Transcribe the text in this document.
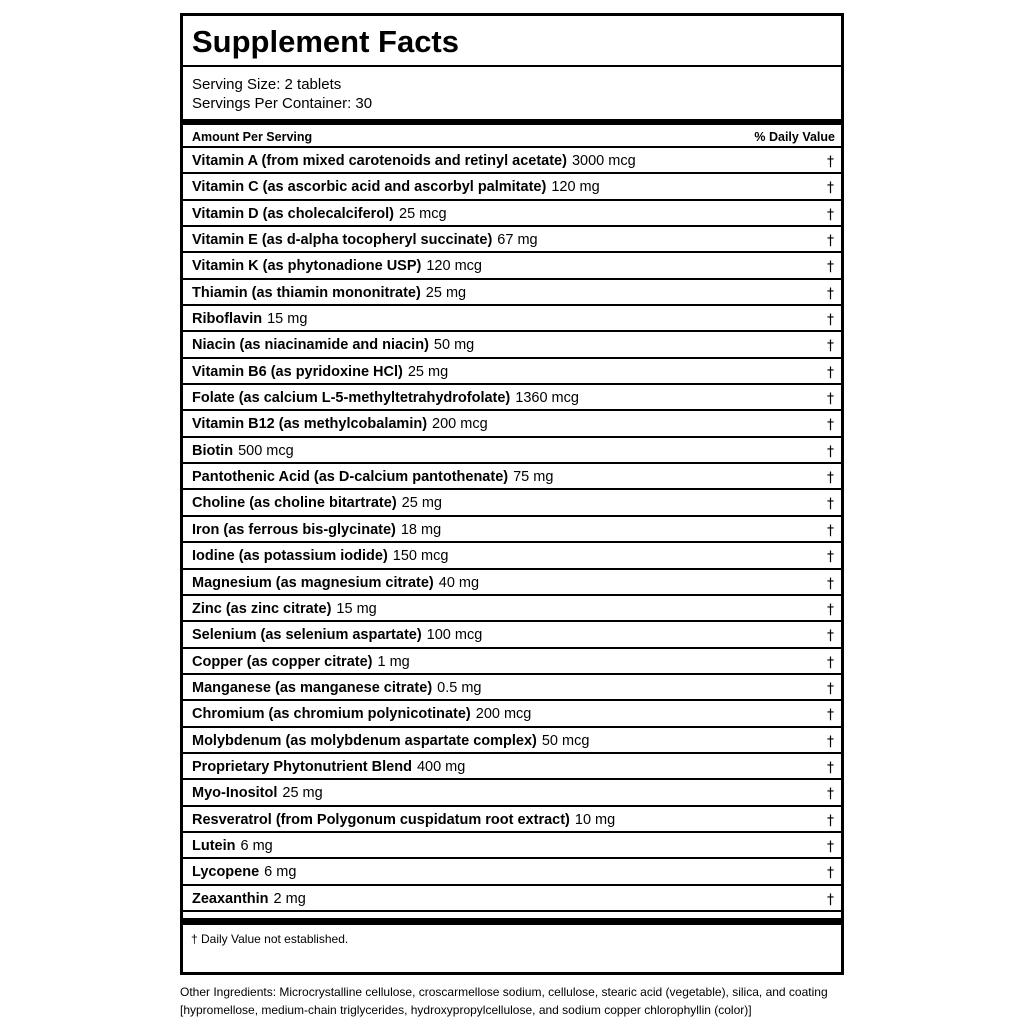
Supplement Facts
Serving Size: 2 tablets
Servings Per Container: 30
Amount Per Serving	% Daily Value
Vitamin A (from mixed carotenoids and retinyl acetate) 3000 mcg	†
Vitamin C (as ascorbic acid and ascorbyl palmitate) 120 mg	†
Vitamin D (as cholecalciferol) 25 mcg	†
Vitamin E (as d-alpha tocopheryl succinate) 67 mg	†
Vitamin K (as phytonadione USP) 120 mcg	†
Thiamin (as thiamin mononitrate) 25 mg	†
Riboflavin 15 mg	†
Niacin (as niacinamide and niacin) 50 mg	†
Vitamin B6 (as pyridoxine HCl) 25 mg	†
Folate (as calcium L-5-methyltetrahydrofolate) 1360 mcg	†
Vitamin B12 (as methylcobalamin) 200 mcg	†
Biotin 500 mcg	†
Pantothenic Acid (as D-calcium pantothenate) 75 mg	†
Choline (as choline bitartrate) 25 mg	†
Iron (as ferrous bis-glycinate) 18 mg	†
Iodine (as potassium iodide) 150 mcg	†
Magnesium (as magnesium citrate) 40 mg	†
Zinc (as zinc citrate) 15 mg	†
Selenium (as selenium aspartate) 100 mcg	†
Copper (as copper citrate) 1 mg	†
Manganese (as manganese citrate) 0.5 mg	†
Chromium (as chromium polynicotinate) 200 mcg	†
Molybdenum (as molybdenum aspartate complex) 50 mcg	†
Proprietary Phytonutrient Blend 400 mg	†
Myo-Inositol 25 mg	†
Resveratrol (from Polygonum cuspidatum root extract) 10 mg	†
Lutein 6 mg	†
Lycopene 6 mg	†
Zeaxanthin 2 mg	†
† Daily Value not established.
Other Ingredients: Microcrystalline cellulose, croscarmellose sodium, cellulose, stearic acid (vegetable), silica, and coating
[hypromellose, medium-chain triglycerides, hydroxypropylcellulose, and sodium copper chlorophyllin (color)]
